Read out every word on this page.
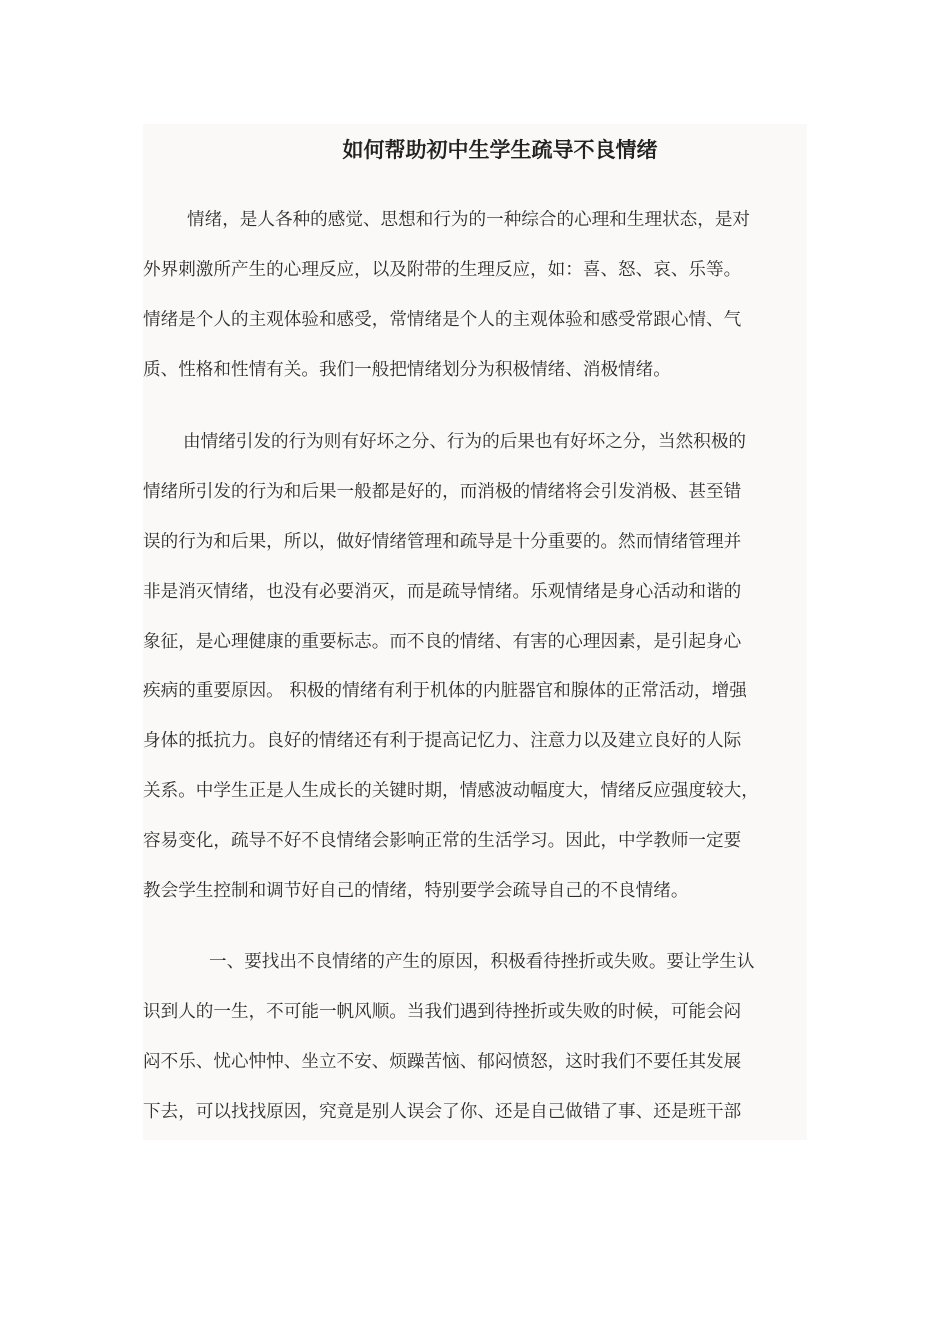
如何帮助初中生学生疏导不良情绪
情绪，是人各种的感觉、思想和行为的一种综合的心理和生理状态，是对
外界刺激所产生的心理反应，以及附带的生理反应，如：喜、怒、哀、乐等。
情绪是个人的主观体验和感受，常情绪是个人的主观体验和感受常跟心情、气
质、性格和性情有关。我们一般把情绪划分为积极情绪、消极情绪。
由情绪引发的行为则有好坏之分、行为的后果也有好坏之分，当然积极的
情绪所引发的行为和后果一般都是好的，而消极的情绪将会引发消极、甚至错
误的行为和后果，所以，做好情绪管理和疏导是十分重要的。然而情绪管理并
非是消灭情绪，也没有必要消灭，而是疏导情绪。乐观情绪是身心活动和谐的
象征，是心理健康的重要标志。而不良的情绪、有害的心理因素，是引起身心
疾病的重要原因。 积极的情绪有利于机体的内脏器官和腺体的正常活动，增强
身体的抵抗力。良好的情绪还有利于提高记忆力、注意力以及建立良好的人际
关系。中学生正是人生成长的关键时期，情感波动幅度大，情绪反应强度较大，
容易变化，疏导不好不良情绪会影响正常的生活学习。因此，中学教师一定要
教会学生控制和调节好自己的情绪，特别要学会疏导自己的不良情绪。
一、要找出不良情绪的产生的原因，积极看待挫折或失败。要让学生认
识到人的一生，不可能一帆风顺。当我们遇到待挫折或失败的时候，可能会闷
闷不乐、忧心忡忡、坐立不安、烦躁苦恼、郁闷愤怒，这时我们不要任其发展
下去，可以找找原因，究竟是别人误会了你、还是自己做错了事、还是班干部
